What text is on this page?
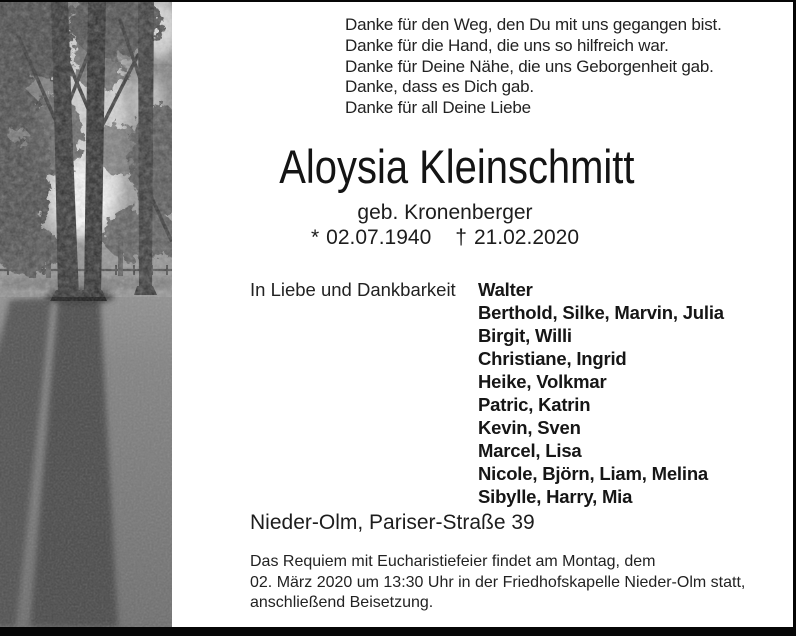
Danke für den Weg, den Du mit uns gegangen bist.
Danke für die Hand, die uns so hilfreich war.
Danke für Deine Nähe, die uns Geborgenheit gab.
Danke, dass es Dich gab.
Danke für all Deine Liebe
Aloysia Kleinschmitt
geb. Kronenberger
* 02.07.1940 † 21.02.2020
In Liebe und Dankbarkeit Walter
Berthold, Silke, Marvin, Julia
Birgit, Willi
Christiane, Ingrid
Heike, Volkmar
Patric, Katrin
Kevin, Sven
Marcel, Lisa
Nicole, Björn, Liam, Melina
Sibylle, Harry, Mia
Nieder-Olm, Pariser-Straße 39
Das Requiem mit Eucharistiefeier findet am Montag, dem
02. März 2020 um 13:30 Uhr in der Friedhofskapelle Nieder-Olm statt,
anschließend Beisetzung.
